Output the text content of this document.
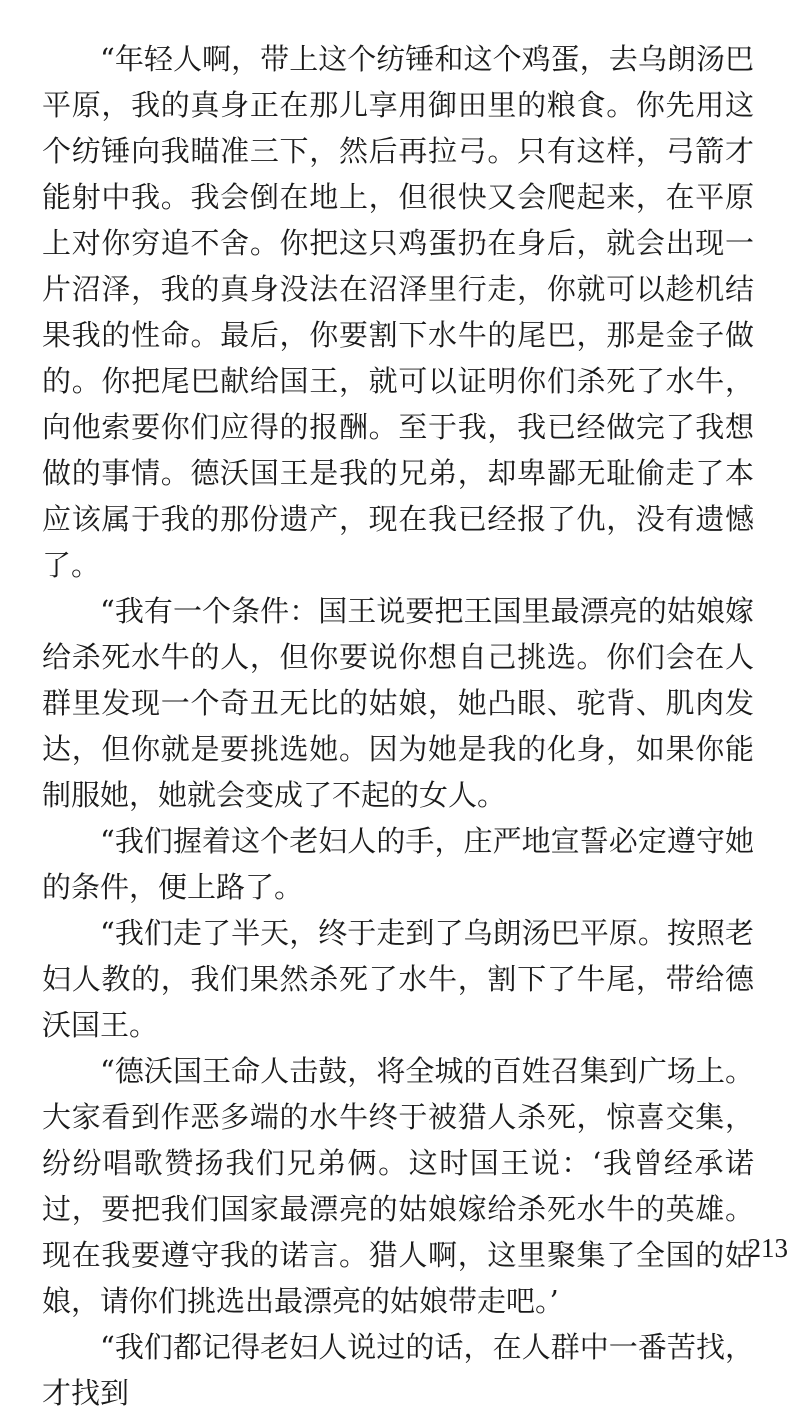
“年轻人啊，带上这个纺锤和这个鸡蛋，去乌朗汤巴平原，我的真身正在那儿享用御田里的粮食。你先用这个纺锤向我瞄准三下，然后再拉弓。只有这样，弓箭才能射中我。我会倒在地上，但很快又会爬起来，在平原上对你穷追不舍。你把这只鸡蛋扔在身后，就会出现一片沼泽，我的真身没法在沼泽里行走，你就可以趁机结果我的性命。最后，你要割下水牛的尾巴，那是金子做的。你把尾巴献给国王，就可以证明你们杀死了水牛，向他索要你们应得的报酬。至于我，我已经做完了我想做的事情。德沃国王是我的兄弟，却卑鄙无耻偷走了本应该属于我的那份遗产，现在我已经报了仇，没有遗憾了。

“我有一个条件：国王说要把王国里最漂亮的姑娘嫁给杀死水牛的人，但你要说你想自己挑选。你们会在人群里发现一个奇丑无比的姑娘，她凸眼、驼背、肌肉发达，但你就是要挑选她。因为她是我的化身，如果你能制服她，她就会变成了不起的女人。

“我们握着这个老妇人的手，庄严地宣誓必定遵守她的条件，便上路了。

“我们走了半天，终于走到了乌朗汤巴平原。按照老妇人教的，我们果然杀死了水牛，割下了牛尾，带给德沃国王。

“德沃国王命人击鼓，将全城的百姓召集到广场上。大家看到作恶多端的水牛终于被猎人杀死，惊喜交集，纷纷唱歌赞扬我们兄弟俩。这时国王说：‘我曾经承诺过，要把我们国家最漂亮的姑娘嫁给杀死水牛的英雄。现在我要遵守我的诺言。猎人啊，这里聚集了全国的姑娘，请你们挑选出最漂亮的姑娘带走吧。’

“我们都记得老妇人说过的话，在人群中一番苦找，才找到

213
